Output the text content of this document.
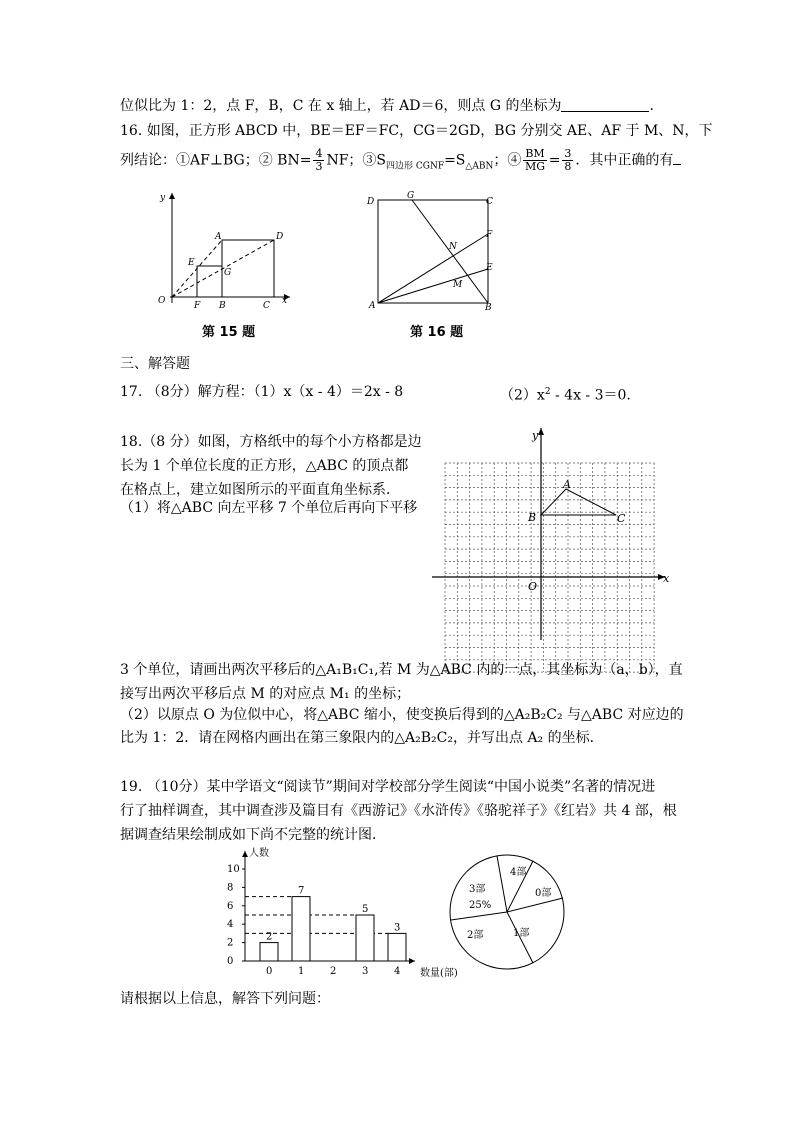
位似比为 1：2，点 F，B，C 在 x 轴上，若 AD＝6，则点 G 的坐标为	.
16. 如图，正方形 ABCD 中，BE＝EF＝FC，CG＝2GD，BG 分别交 AE、AF 于 M、N，下
列结论：①AF⊥BG；② $BN= \frac{4}{3}$ NF；$③S_{四边形 CGNF}=S_{\triangle ABN}$；④ $\frac{BM}{MG} = \frac{3}{8}$ ．其中正确的有
y
x
O
A	D
E
G
F B	C
第 15 题
D
G
C
N
F
E
M
A	B
第 16 题
三、解答题
17. （8分）解方程：（1）x（x - 4）＝2x - 8	$(2)x^2 - 4x - 3=0$.
18.（8 分）如图，方格纸中的每个小方格都是边
长为 1 个单位长度的正方形，△ABC 的顶点都
在格点上，建立如图所示的平面直角坐标系．
（1）将△ABC 向左平移 7 个单位后再向下平移
y
x
O
A
B	C
3 个单位，请画出两次平移后的△A₁B₁C₁,若 M 为△ABC 内的一点，其坐标为（a，b），直
接写出两次平移后点 M 的对应点 M₁ 的坐标；
（2）以原点 O 为位似中心，将△ABC 缩小，使变换后得到的△A₂B₂C₂ 与△ABC 对应边的
比为 1：2．请在网格内画出在第三象限内的△A₂B₂C₂，并写出点 A₂ 的坐标．
19. （10分）某中学语文“阅读节”期间对学校部分学生阅读“中国小说类”名著的情况进
行了抽样调查，其中调查涉及篇目有《西游记》《水浒传》《骆驼祥子》《红岩》共 4 部，根
据调查结果绘制成如下尚不完整的统计图．
0
2
4
6
8
10
2
7
5
3
0	1	2	3	4
人数
数量(部)
4部
0部
1部
2部
3部
25%
请根据以上信息，解答下列问题：
